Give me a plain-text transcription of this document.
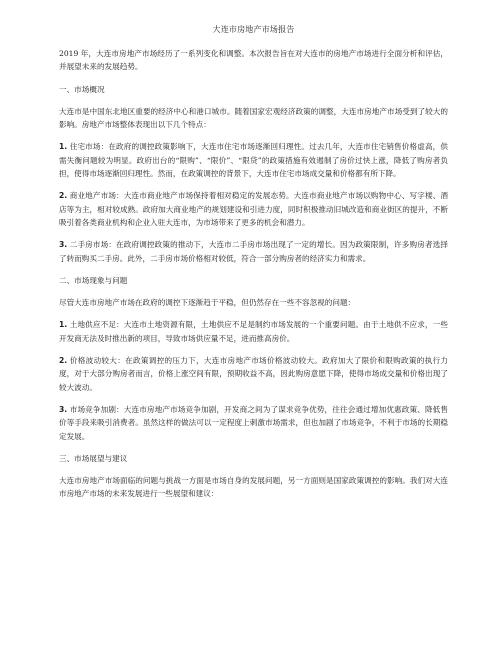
大连市房地产市场报告
2019 年，大连市房地产市场经历了一系列变化和调整。本次报告旨在对大连市的房地产市场进行全面分析和评估，并展望未来的发展趋势。
一、市场概况
大连市是中国东北地区重要的经济中心和港口城市。随着国家宏观经济政策的调整，大连市房地产市场受到了较大的影响。房地产市场整体表现出以下几个特点：
1. 住宅市场：在政府的调控政策影响下，大连市住宅市场逐渐回归理性。过去几年，大连市住宅销售价格虚高，供需失衡问题较为明显。政府出台的“限购”、“限价”、“限贷”的政策措施有效遏制了房价过快上涨，降低了购房者负担，使得市场逐渐回归理性。然而，在政策调控的背景下，大连市住宅市场成交量和价格都有所下降。
2. 商业地产市场：大连市商业地产市场保持着相对稳定的发展态势。大连市商业地产市场以购物中心、写字楼、酒店等为主，相对较成熟。政府加大商业地产的规划建设和引进力度，同时积极推动旧城改造和商业街区的提升，不断吸引着各类商业机构和企业入驻大连市，为市场带来了更多的机会和潜力。
3. 二手房市场：在政府调控政策的推动下，大连市二手房市场出现了一定的增长。因为政策限制，许多购房者选择了转而购买二手房。此外，二手房市场价格相对较低，符合一部分购房者的经济实力和需求。
二、市场现象与问题
尽管大连市房地产市场在政府的调控下逐渐趋于平稳，但仍然存在一些不容忽视的问题：
1. 土地供应不足：大连市土地资源有限，土地供应不足是制约市场发展的一个重要问题。由于土地供不应求，一些开发商无法及时推出新的项目，导致市场供应量不足，进而推高房价。
2. 价格波动较大：在政策调控的压力下，大连市房地产市场价格波动较大。政府加大了限价和限购政策的执行力度，对于大部分购房者而言，价格上涨空间有限，预期收益不高，因此购房意愿下降，使得市场成交量和价格出现了较大波动。
3. 市场竞争加剧：大连市房地产市场竞争加剧，开发商之间为了谋求竞争优势，往往会通过增加优惠政策、降低售价等手段来吸引消费者。虽然这样的做法可以一定程度上刺激市场需求，但也加剧了市场竞争，不利于市场的长期稳定发展。
三、市场展望与建议
大连市房地产市场面临的问题与挑战一方面是市场自身的发展问题，另一方面则是国家政策调控的影响。我们对大连市房地产市场的未来发展进行一些展望和建议：
